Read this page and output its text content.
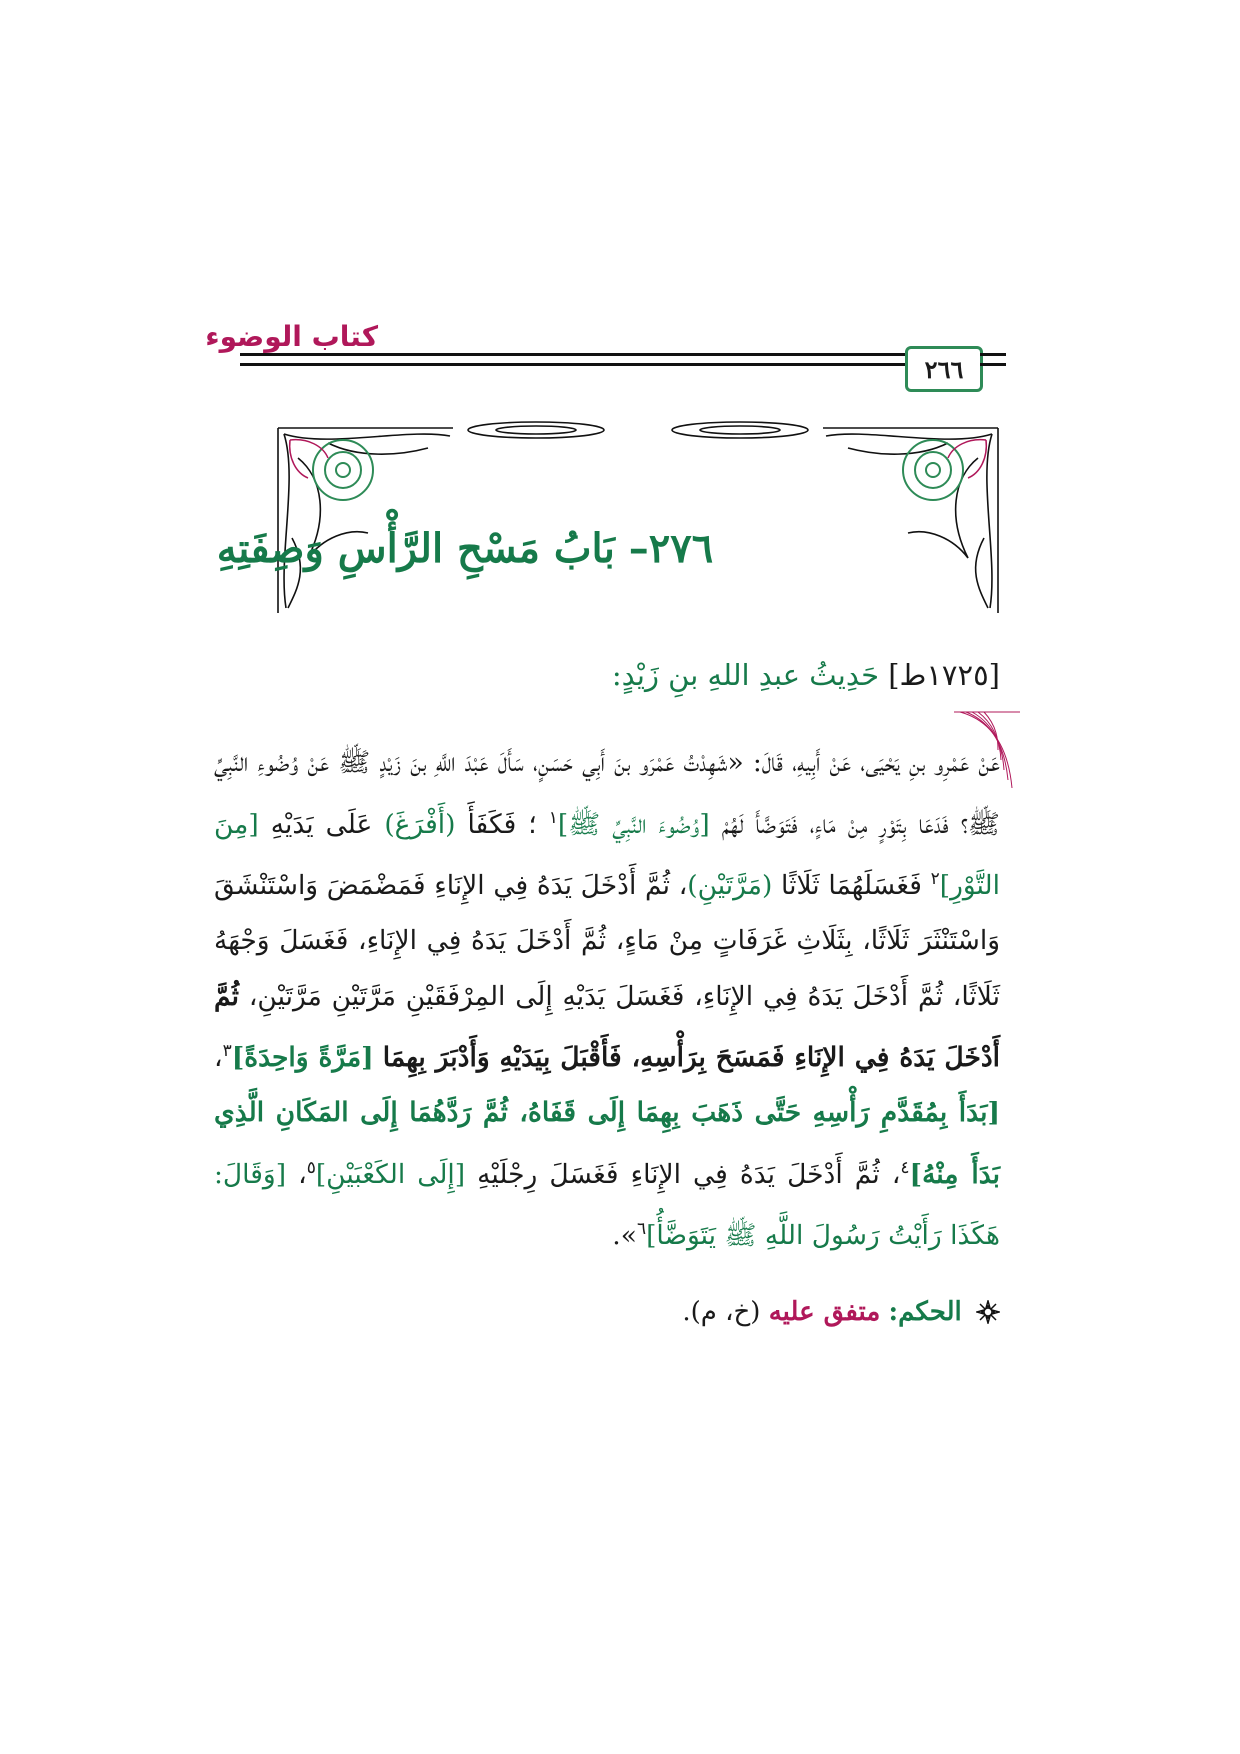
كتاب الوضوء
٢٦٦
٢٧٦– بَابُ مَسْحِ الرَّأْسِ وَصِفَتِهِ
[١٧٢٥ط] حَدِيثُ عبدِ اللهِ بنِ زَيْدٍ:
عَنْ عَمْرِو بنِ يَحْيَى، عَنْ أَبِيهِ، قَالَ: «شَهِدْتُ عَمْرَو بنَ أَبِي حَسَنٍ، سَأَلَ عَبْدَ اللَّهِ بنَ زَيْدٍ ﷺ عَنْ وُضُوءِ النَّبِيِّ ﷺ؟ فَدَعَا بِتَوْرٍ مِنْ مَاءٍ، فَتَوَضَّأَ لَهُمْ [وُضُوءَ النَّبِيِّ ﷺ]$^١$ ؛ فَكَفَأَ (أَفْرَغَ) عَلَى يَدَيْهِ [مِنَ التَّوْرِ]$^٢$ فَغَسَلَهُمَا ثَلَاثًا (مَرَّتَيْنِ)، ثُمَّ أَدْخَلَ يَدَهُ فِي الإِنَاءِ فَمَضْمَضَ وَاسْتَنْشَقَ وَاسْتَنْثَرَ ثَلَاثًا، بِثَلَاثِ غَرَفَاتٍ مِنْ مَاءٍ، ثُمَّ أَدْخَلَ يَدَهُ فِي الإِنَاءِ، فَغَسَلَ وَجْهَهُ ثَلَاثًا، ثُمَّ أَدْخَلَ يَدَهُ فِي الإِنَاءِ، فَغَسَلَ يَدَيْهِ إِلَى المِرْفَقَيْنِ مَرَّتَيْنِ مَرَّتَيْنِ، ثُمَّ أَدْخَلَ يَدَهُ فِي الإِنَاءِ فَمَسَحَ بِرَأْسِهِ، فَأَقْبَلَ بِيَدَيْهِ وَأَدْبَرَ بِهِمَا [مَرَّةً وَاحِدَةً]$^٣$، [بَدَأَ بِمُقَدَّمِ رَأْسِهِ حَتَّى ذَهَبَ بِهِمَا إِلَى قَفَاهُ، ثُمَّ رَدَّهُمَا إِلَى المَكَانِ الَّذِي بَدَأَ مِنْهُ]$^٤$، ثُمَّ أَدْخَلَ يَدَهُ فِي الإِنَاءِ فَغَسَلَ رِجْلَيْهِ [إِلَى الكَعْبَيْنِ]$^٥$، [وَقَالَ: هَكَذَا رَأَيْتُ رَسُولَ اللَّهِ ﷺ يَتَوَضَّأُ]$^٦$».
الحكم: متفق عليه (خ، م).
